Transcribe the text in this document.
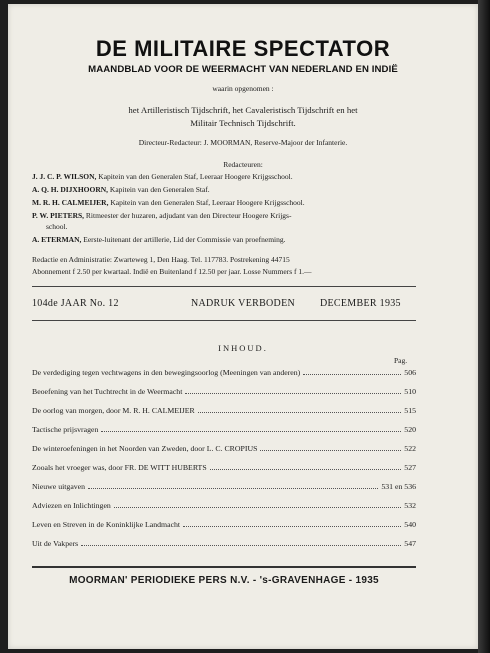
DE MILITAIRE SPECTATOR
MAANDBLAD VOOR DE WEERMACHT VAN NEDERLAND EN INDIË
waarin opgenomen :
het Artilleristisch Tijdschrift, het Cavaleristisch Tijdschrift en het
Militair Technisch Tijdschrift.
Directeur-Redacteur: J. MOORMAN, Reserve-Majoor der Infanterie.
Redacteuren:
J. J. C. P. WILSON, Kapitein van den Generalen Staf, Leeraar Hoogere Krijgsschool.
A. Q. H. DIJXHOORN, Kapitein van den Generalen Staf.
M. R. H. CALMEIJER, Kapitein van den Generalen Staf, Leeraar Hoogere Krijgsschool.
P. W. PIETERS, Ritmeester der huzaren, adjudant van den Directeur Hoogere Krijgs-
school.
A. ETERMAN, Eerste-luitenant der artillerie, Lid der Commissie van proefneming.
Redactie en Administratie: Zwarteweg 1, Den Haag. Tel. 117783. Postrekening 44715
Abonnement f 2.50 per kwartaal. Indië en Buitenland f 12.50 per jaar. Losse Nummers f 1.—
104de JAAR No. 12	NADRUK VERBODEN	DECEMBER 1935
INHOUD.
Pag.
De verdediging tegen vechtwagens in den bewegingsoorlog (Meeningen van anderen)	506
Beoefening van het Tuchtrecht in de Weermacht	510
De oorlog van morgen, door M. R. H. CALMEIJER	515
Tactische prijsvragen	520
De winteroefeningen in het Noorden van Zweden, door L. C. CROPIUS	522
Zooals het vroeger was, door FR. DE WITT HUBERTS	527
Nieuwe uitgaven	531 en 536
Adviezen en Inlichtingen	532
Leven en Streven in de Koninklijke Landmacht	540
Uit de Vakpers	547
MOORMAN' PERIODIEKE PERS N.V. - 's-GRAVENHAGE - 1935
